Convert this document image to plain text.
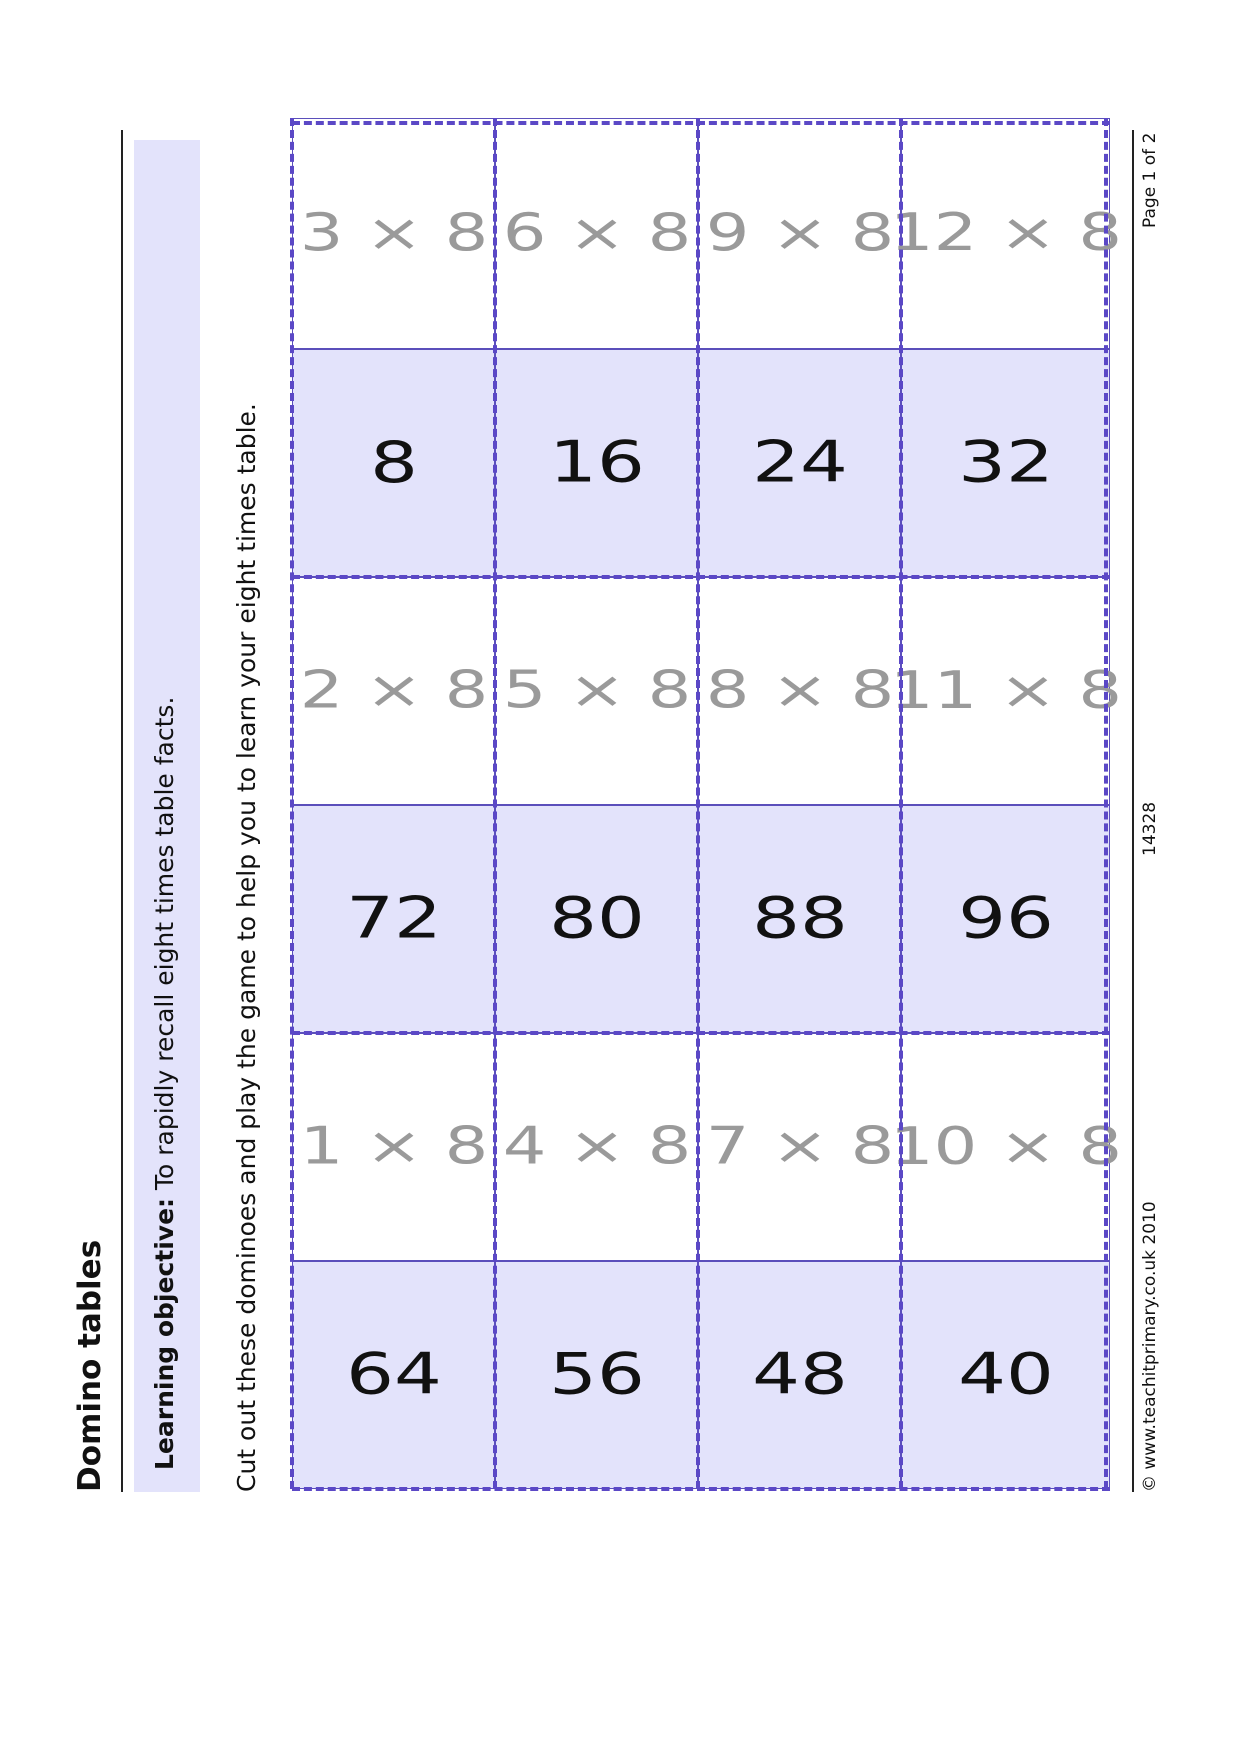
Domino tables Learning objective: To rapidly recall eight times table facts. Cut out these dominoes and play the game to help you to learn your eight times table. 64
1 × 8
72
2 × 8
8
3 × 8
56
4 × 8
80
5 × 8
16
6 × 8
48
7 × 8
88
8 × 8
24
9 × 8
40
10 × 8
96
11 × 8
32
12 × 8
© www.teachitprimary.co.uk 2010
14328
Page 1 of 2
